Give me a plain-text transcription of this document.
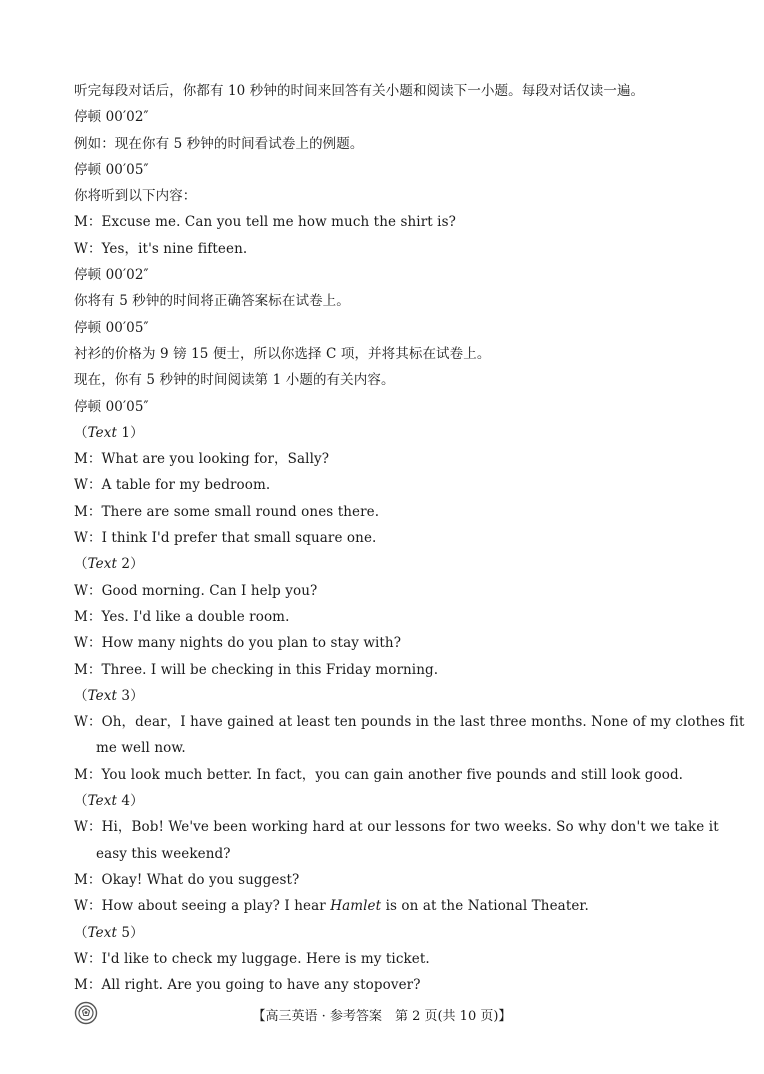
听完每段对话后，你都有 10 秒钟的时间来回答有关小题和阅读下一小题。每段对话仅读一遍。
停顿 00′02″
例如：现在你有 5 秒钟的时间看试卷上的例题。
停顿 00′05″
你将听到以下内容：
M：Excuse me. Can you tell me how much the shirt is?
W：Yes，it's nine fifteen.
停顿 00′02″
你将有 5 秒钟的时间将正确答案标在试卷上。
停顿 00′05″
衬衫的价格为 9 镑 15 便士，所以你选择 C 项，并将其标在试卷上。
现在，你有 5 秒钟的时间阅读第 1 小题的有关内容。
停顿 00′05″
（Text 1）
M：What are you looking for，Sally?
W：A table for my bedroom.
M：There are some small round ones there.
W：I think I'd prefer that small square one.
（Text 2）
W：Good morning. Can I help you?
M：Yes. I'd like a double room.
W：How many nights do you plan to stay with?
M：Three. I will be checking in this Friday morning.
（Text 3）
W：Oh，dear，I have gained at least ten pounds in the last three months. None of my clothes fit
me well now.
M：You look much better. In fact，you can gain another five pounds and still look good.
（Text 4）
W：Hi，Bob! We've been working hard at our lessons for two weeks. So why don't we take it
easy this weekend?
M：Okay! What do you suggest?
W：How about seeing a play? I hear Hamlet is on at the National Theater.
（Text 5）
W：I'd like to check my luggage. Here is my ticket.
M：All right. Are you going to have any stopover?
【高三英语 · 参考答案　第 2 页(共 10 页)】
